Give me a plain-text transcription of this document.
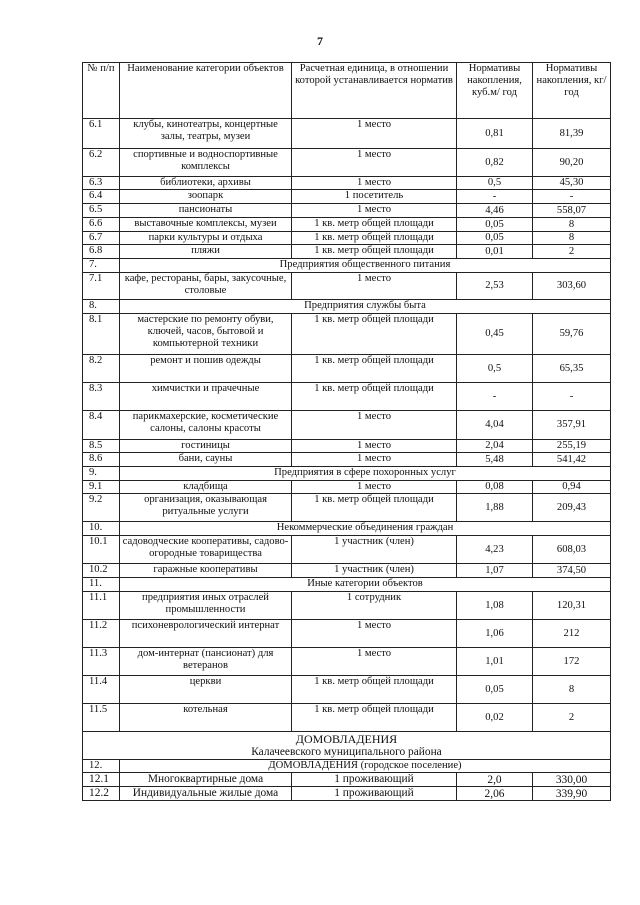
7
№ п/п	Наименование категории объектов	Расчетная единица, в отношении которой устанавливается норматив	Нормативы накопления, куб.м/ год	Нормативы накопления, кг/ год
6.1	клубы, кинотеатры, концертные залы, театры, музеи	1 место	0,81	81,39
6.2	спортивные и водноспортивные комплексы	1 место	0,82	90,20
6.3	библиотеки, архивы	1 место	0,5	45,30
6.4	зоопарк	1 посетитель	-	-
6.5	пансионаты	1 место	4,46	558,07
6.6	выставочные комплексы, музеи	1 кв. метр общей площади	0,05	8
6.7	парки культуры и отдыха	1 кв. метр общей площади	0,05	8
6.8	пляжи	1 кв. метр общей площади	0,01	2
7.	Предприятия общественного питания			
7.1	кафе, рестораны, бары, закусочные, столовые	1 место	2,53	303,60
8.	Предприятия службы быта			
8.1	мастерские по ремонту обуви, ключей, часов, бытовой и компьютерной техники	1 кв. метр общей площади	0,45	59,76
8.2	ремонт и пошив одежды	1 кв. метр общей площади	0,5	65,35
8.3	химчистки и прачечные	1 кв. метр общей площади	-	-
8.4	парикмахерские, косметические салоны, салоны красоты	1 место	4,04	357,91
8.5	гостиницы	1 место	2,04	255,19
8.6	бани, сауны	1 место	5,48	541,42
9.	Предприятия в сфере похоронных услуг			
9.1	кладбища	1 место	0,08	0,94
9.2	организация, оказывающая ритуальные услуги	1 кв. метр общей площади	1,88	209,43
10.	Некоммерческие объединения граждан			
10.1	садоводческие кооперативы, садово-огородные товарищества	1 участник (член)	4,23	608,03
10.2	гаражные кооперативы	1 участник (член)	1,07	374,50
11.	Иные категории объектов			
11.1	предприятия иных отраслей промышленности	1 сотрудник	1,08	120,31
11.2	психоневрологический интернат	1 место	1,06	212
11.3	дом-интернат (пансионат) для ветеранов	1 место	1,01	172
11.4	церкви	1 кв. метр общей площади	0,05	8
11.5	котельная	1 кв. метр общей площади	0,02	2

ДОМОВЛАДЕНИЯ
Калачеевского муниципального района				

12.	ДОМОВЛАДЕНИЯ (городское поселение)			
12.1	Многоквартирные дома	1 проживающий	2,0	330,00
12.2	Индивидуальные жилые дома	1 проживающий	2,06	339,90
